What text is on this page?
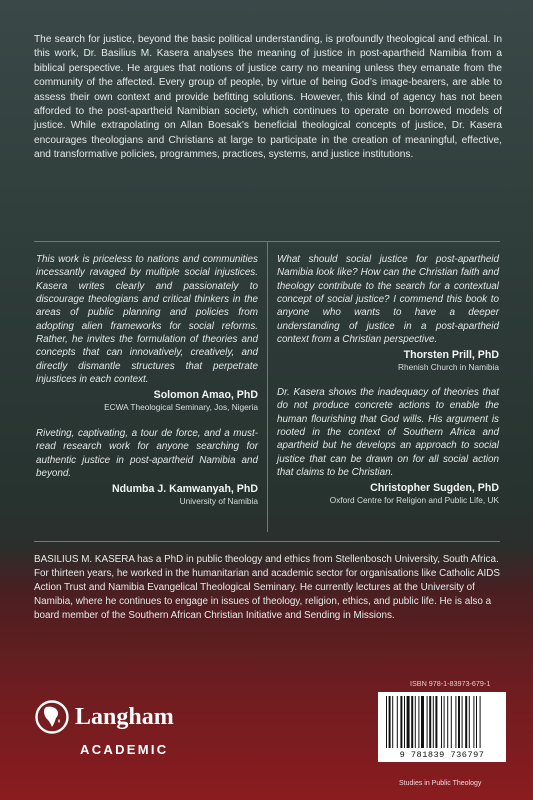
The search for justice, beyond the basic political understanding, is profoundly theological and ethical. In this work, Dr. Basilius M. Kasera analyses the meaning of justice in post-apartheid Namibia from a biblical perspective. He argues that notions of justice carry no meaning unless they emanate from the community of the affected. Every group of people, by virtue of being God’s image-bearers, are able to assess their own context and provide befitting solutions. However, this kind of agency has not been afforded to the post-apartheid Namibian society, which continues to operate on borrowed models of justice. While extrapolating on Allan Boesak’s beneficial theological concepts of justice, Dr. Kasera encourages theologians and Christians at large to participate in the creation of meaningful, effective, and transformative policies, programmes, practices, systems, and justice institutions.

This work is priceless to nations and communities incessantly ravaged by multiple social injustices. Kasera writes clearly and passionately to discourage theologians and critical thinkers in the areas of public planning and policies from adopting alien frameworks for social reforms. Rather, he invites the formulation of theories and concepts that can innovatively, creatively, and directly dismantle structures that perpetrate injustices in each context.

Solomon Amao, PhD
ECWA Theological Seminary, Jos, Nigeria

Riveting, captivating, a tour de force, and a must-read research work for anyone searching for authentic justice in post-apartheid Namibia and beyond.

Ndumba J. Kamwanyah, PhD
University of Namibia

What should social justice for post-apartheid Namibia look like? How can the Christian faith and theology contribute to the search for a contextual concept of social justice? I commend this book to anyone who wants to have a deeper understanding of justice in a post-apartheid context from a Christian perspective.

Thorsten Prill, PhD
Rhenish Church in Namibia

Dr. Kasera shows the inadequacy of theories that do not produce concrete actions to enable the human flourishing that God wills. His argument is rooted in the context of Southern Africa and apartheid but he develops an approach to social justice that can be drawn on for all social action that claims to be Christian.

Christopher Sugden, PhD
Oxford Centre for Religion and Public Life, UK

BASILIUS M. KASERA has a PhD in public theology and ethics from Stellenbosch University, South Africa. For thirteen years, he worked in the humanitarian and academic sector for organisations like Catholic AIDS Action Trust and Namibia Evangelical Theological Seminary. He currently lectures at the University of Namibia, where he continues to engage in issues of theology, religion, ethics, and public life. He is also a board member of the Southern African Christian Initiative and Sending in Missions.

Langham
ACADEMIC
ISBN 978-1-83973-679-1
9 781839 736797
Studies in Public Theology
